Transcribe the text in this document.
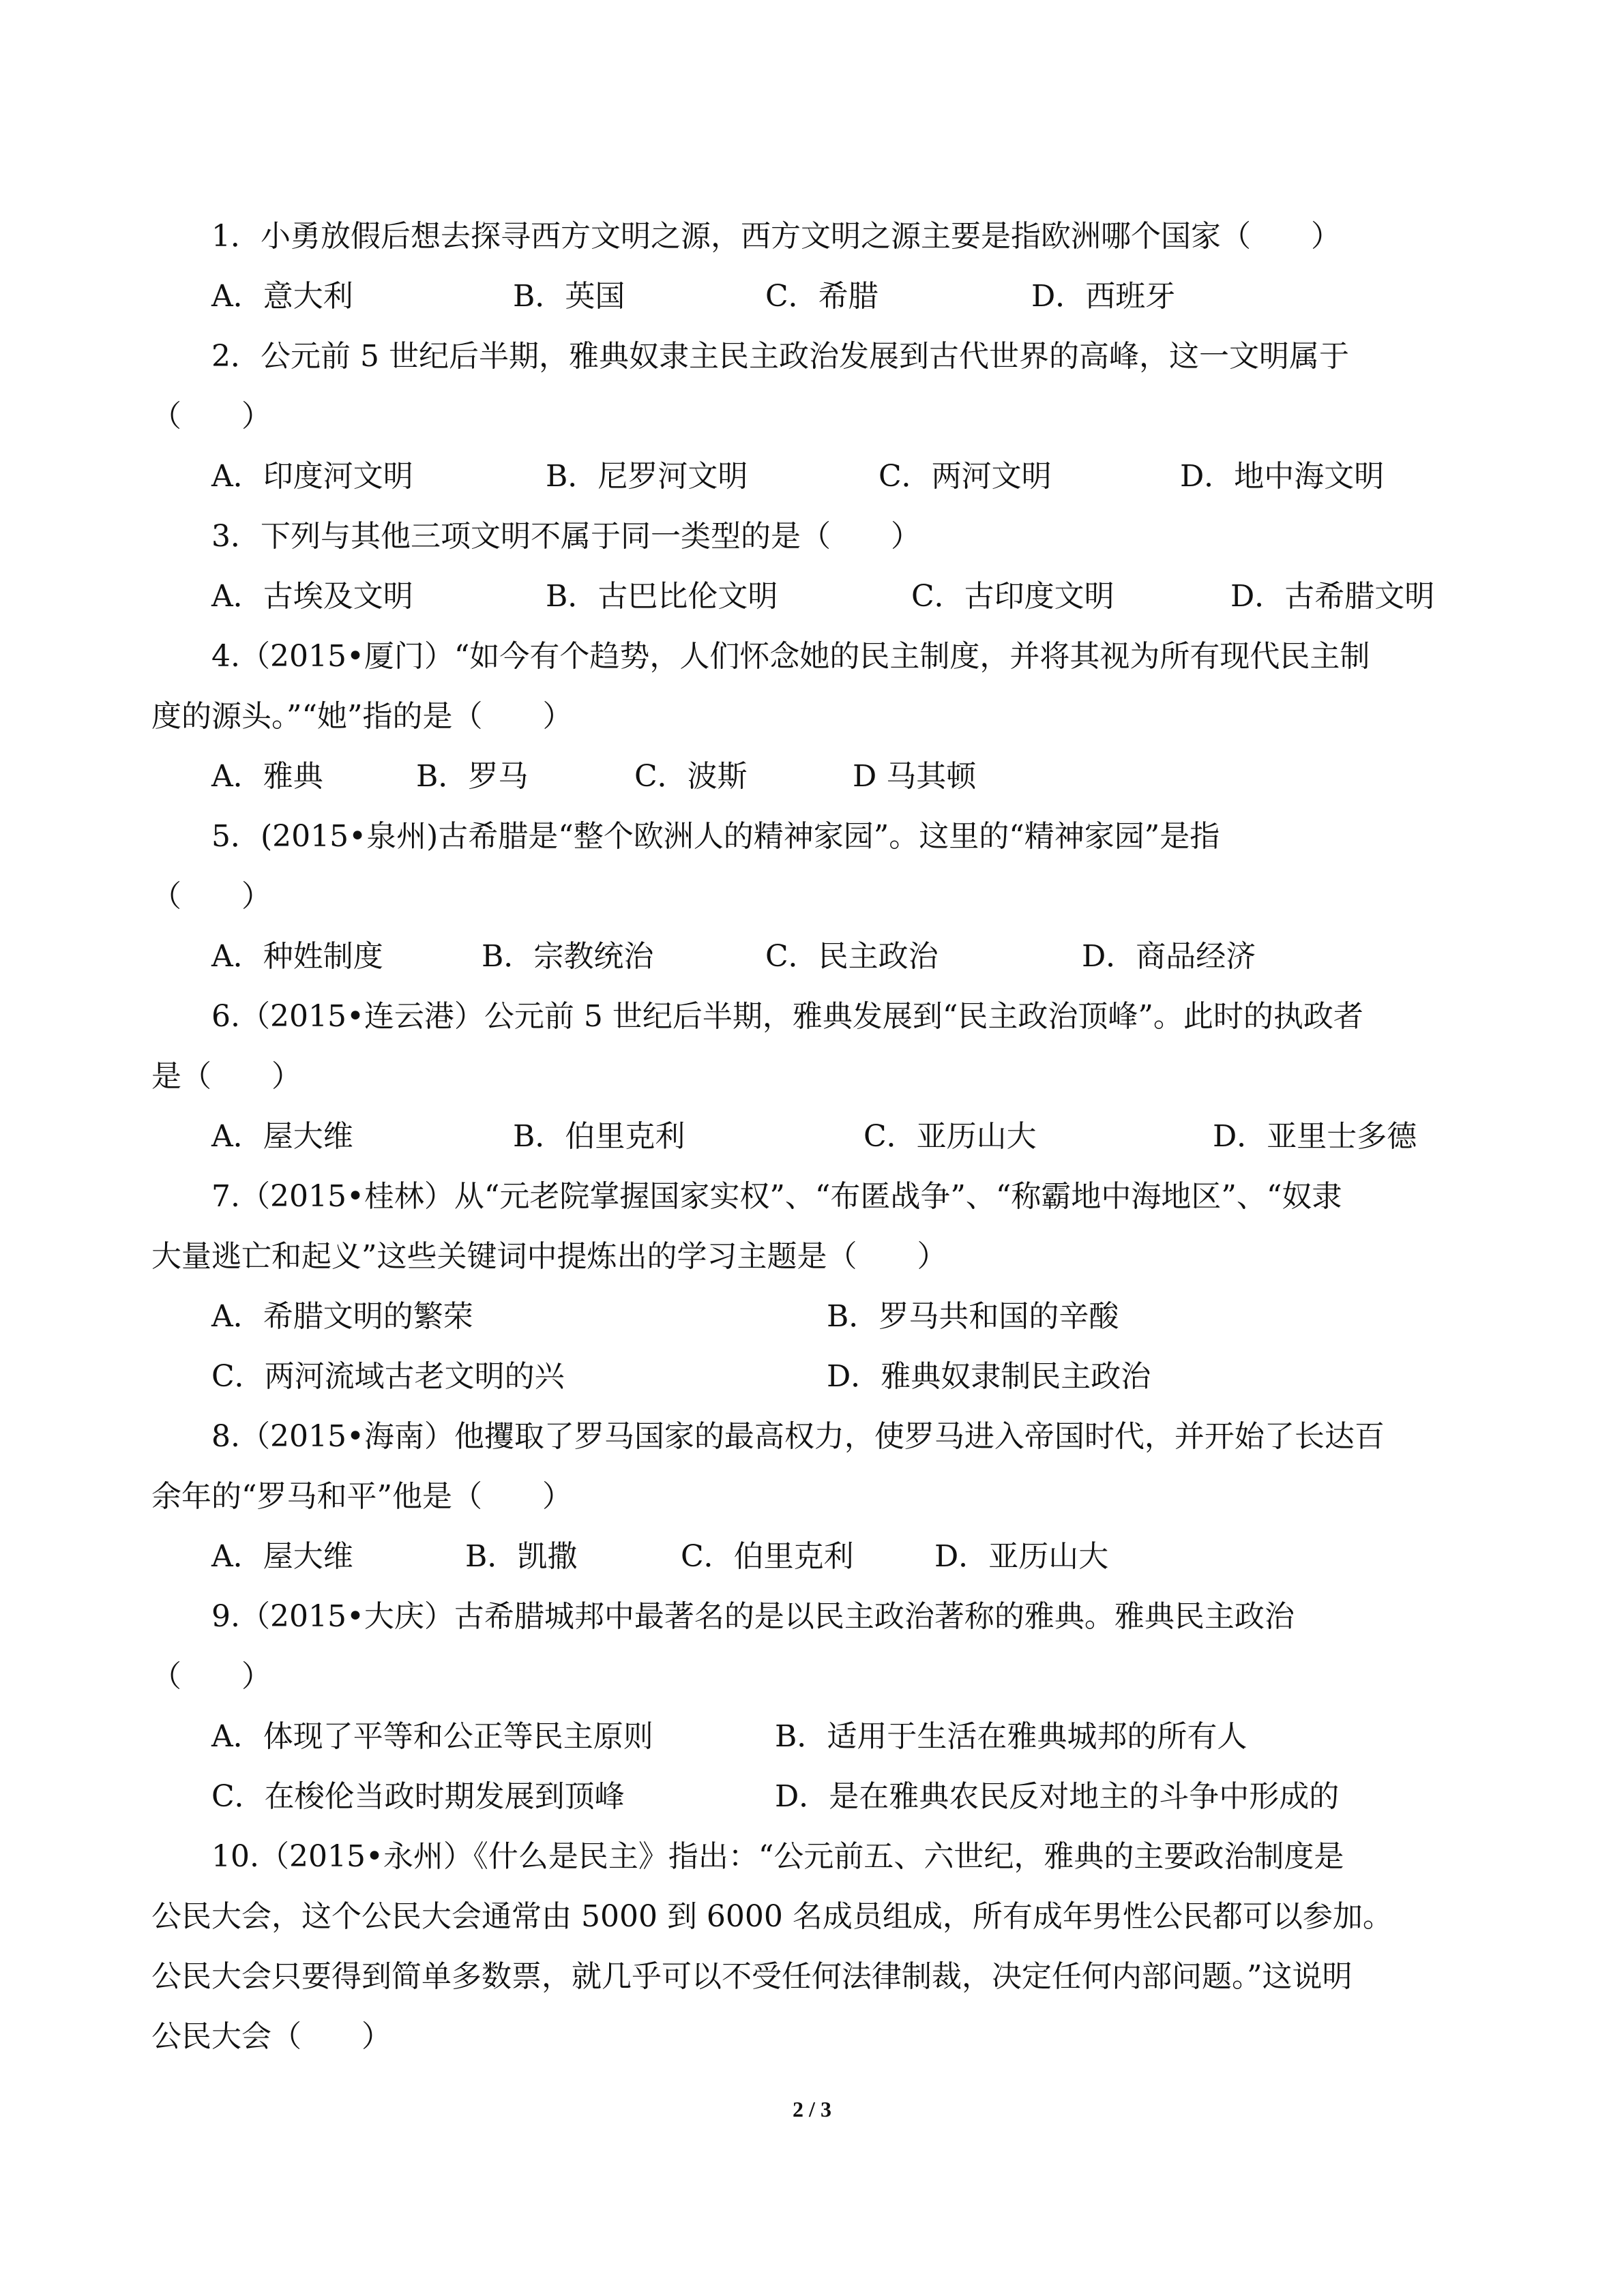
1．小勇放假后想去探寻西方文明之源，西方文明之源主要是指欧洲哪个国家（　　）

A．意大利

	B．英国

	C．希腊

	D．西班牙

2．公元前 5 世纪后半期，雅典奴隶主民主政治发展到古代世界的高峰，这一文明属于
（　　）

A．印度河文明

	B．尼罗河文明

	C．两河文明

	D．地中海文明

3．下列与其他三项文明不属于同一类型的是（　　）

A．古埃及文明

	B．古巴比伦文明

	C．古印度文明

	D．古希腊文明

4.（2015•厦门）“如今有个趋势，人们怀念她的民主制度，并将其视为所有现代民主制
度的源头。”“她”指的是（　　）

A．雅典

	B．罗马

	C．波斯

	D 马其顿

5．(2015•泉州)古希腊是“整个欧洲人的精神家园”。这里的“精神家园”是指
（　　）

A．种姓制度

	B．宗教统治

	C．民主政治

	D．商品经济

6.（2015•连云港）公元前 5 世纪后半期，雅典发展到“民主政治顶峰”。此时的执政者
是（　　）

A．屋大维

	B．伯里克利

	C．亚历山大

	D．亚里士多德

7.（2015•桂林）从“元老院掌握国家实权”、“布匿战争”、“称霸地中海地区”、“奴隶
大量逃亡和起义”这些关键词中提炼出的学习主题是（　　）

A．希腊文明的繁荣

	B．罗马共和国的辛酸

C．两河流域古老文明的兴

	D．雅典奴隶制民主政治

8.（2015•海南）他攫取了罗马国家的最高权力，使罗马进入帝国时代，并开始了长达百
余年的“罗马和平”他是（　　）

A．屋大维

	B．凯撒

	C．伯里克利

	D．亚历山大

9.（2015•大庆）古希腊城邦中最著名的是以民主政治著称的雅典。雅典民主政治
（　　）

A．体现了平等和公正等民主原则

	B．适用于生活在雅典城邦的所有人

C．在梭伦当政时期发展到顶峰

	D．是在雅典农民反对地主的斗争中形成的

10.（2015•永州）《什么是民主》指出：“公元前五、六世纪，雅典的主要政治制度是
公民大会，这个公民大会通常由 5000 到 6000 名成员组成，所有成年男性公民都可以参加。
公民大会只要得到简单多数票，就几乎可以不受任何法律制裁，决定任何内部问题。”这说明
公民大会（　　）
2 / 3
